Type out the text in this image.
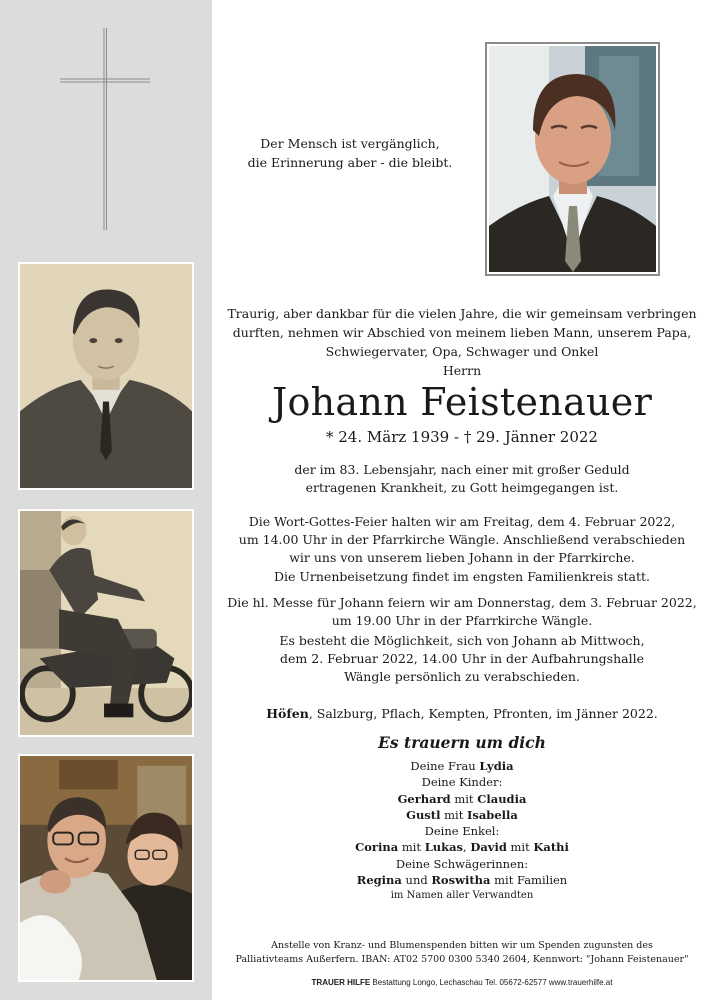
Der Mensch ist vergänglich,
die Erinnerung aber - die bleibt.
Traurig, aber dankbar für die vielen Jahre, die wir gemeinsam verbringen
durften, nehmen wir Abschied von meinem lieben Mann, unserem Papa,
Schwiegervater, Opa, Schwager und Onkel
Herrn
Johann Feistenauer
* 24. März 1939 - † 29. Jänner 2022
der im 83. Lebensjahr, nach einer mit großer Geduld
ertragenen Krankheit, zu Gott heimgegangen ist.
Die Wort-Gottes-Feier halten wir am Freitag, dem 4. Februar 2022,
um 14.00 Uhr in der Pfarrkirche Wängle. Anschließend verabschieden
wir uns von unserem lieben Johann in der Pfarrkirche.
Die Urnenbeisetzung findet im engsten Familienkreis statt.
Die hl. Messe für Johann feiern wir am Donnerstag, dem 3. Februar 2022,
um 19.00 Uhr in der Pfarrkirche Wängle.
Es besteht die Möglichkeit, sich von Johann ab Mittwoch,
dem 2. Februar 2022, 14.00 Uhr in der Aufbahrungshalle
Wängle persönlich zu verabschieden.
Höfen, Salzburg, Pflach, Kempten, Pfronten, im Jänner 2022.
Es trauern um dich
Deine Frau Lydia
Deine Kinder:
Gerhard mit Claudia
Gustl mit Isabella
Deine Enkel:
Corina mit Lukas, David mit Kathi
Deine Schwägerinnen:
Regina und Roswitha mit Familien
im Namen aller Verwandten
Anstelle von Kranz- und Blumenspenden bitten wir um Spenden zugunsten des
Palliativteams Außerfern. IBAN: AT02 5700 0300 5340 2604, Kennwort: "Johann Feistenauer"
TRAUER HILFE Bestattung Longo, Lechaschau Tel. 05672-62577 www.trauerhilfe.at
